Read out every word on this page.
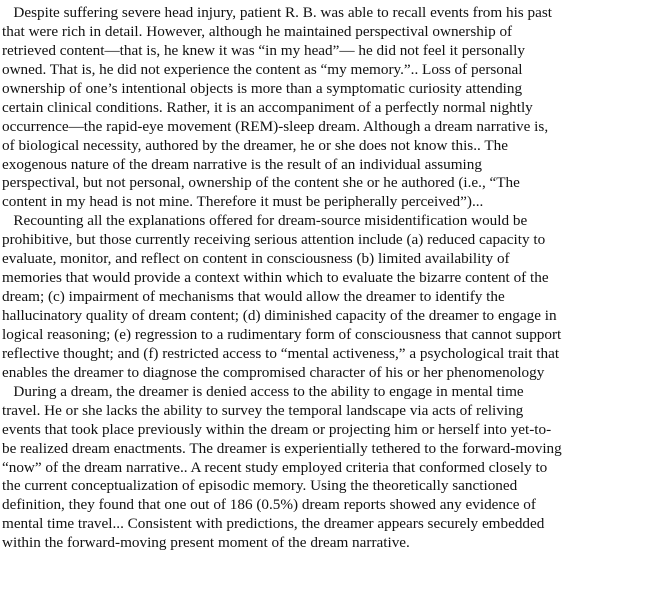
Despite suffering severe head injury, patient R. B. was able to recall events from his past
that were rich in detail. However, although he maintained perspectival ownership of
retrieved content—that is, he knew it was “in my head”— he did not feel it personally
owned. That is, he did not experience the content as “my memory.”.. Loss of personal
ownership of one’s intentional objects is more than a symptomatic curiosity attending
certain clinical conditions. Rather, it is an accompaniment of a perfectly normal nightly
occurrence—the rapid-eye movement (REM)-sleep dream. Although a dream narrative is,
of biological necessity, authored by the dreamer, he or she does not know this.. The
exogenous nature of the dream narrative is the result of an individual assuming
perspectival, but not personal, ownership of the content she or he authored (i.e., “The
content in my head is not mine. Therefore it must be peripherally perceived”)...
Recounting all the explanations offered for dream-source misidentification would be
prohibitive, but those currently receiving serious attention include (a) reduced capacity to
evaluate, monitor, and reflect on content in consciousness (b) limited availability of
memories that would provide a context within which to evaluate the bizarre content of the
dream; (c) impairment of mechanisms that would allow the dreamer to identify the
hallucinatory quality of dream content; (d) diminished capacity of the dreamer to engage in
logical reasoning; (e) regression to a rudimentary form of consciousness that cannot support
reflective thought; and (f) restricted access to “mental activeness,” a psychological trait that
enables the dreamer to diagnose the compromised character of his or her phenomenology
During a dream, the dreamer is denied access to the ability to engage in mental time
travel. He or she lacks the ability to survey the temporal landscape via acts of reliving
events that took place previously within the dream or projecting him or herself into yet-to-
be realized dream enactments. The dreamer is experientially tethered to the forward-moving
“now” of the dream narrative.. A recent study employed criteria that conformed closely to
the current conceptualization of episodic memory. Using the theoretically sanctioned
definition, they found that one out of 186 (0.5%) dream reports showed any evidence of
mental time travel... Consistent with predictions, the dreamer appears securely embedded
within the forward-moving present moment of the dream narrative.
